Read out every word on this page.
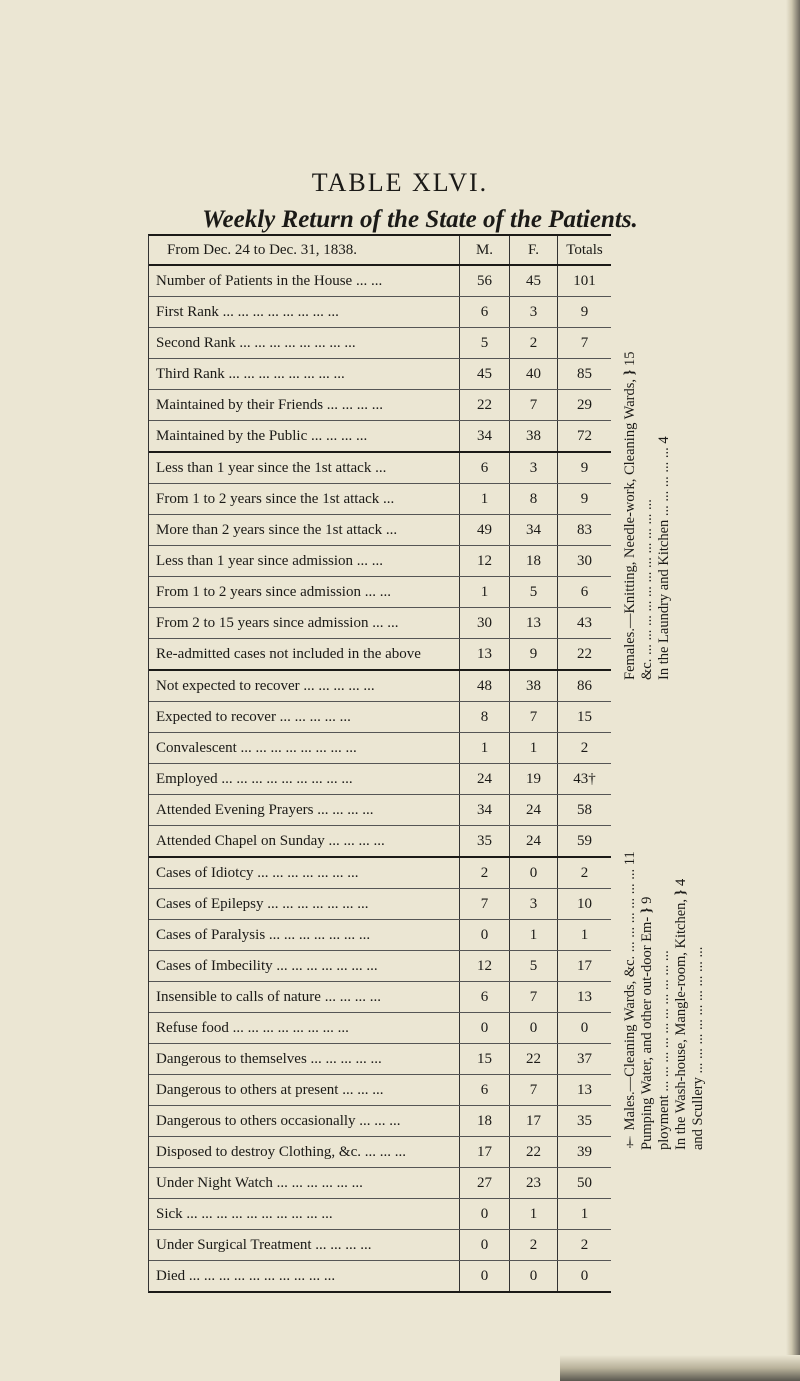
TABLE XLVI.
Weekly Return of the State of the Patients.
From Dec. 24 to Dec. 31, 1838.	M.	F.	Totals
Number of Patients in the House ... ...	56	45	101
First Rank ... ... ... ... ... ... ... ...	6	3	9
Second Rank ... ... ... ... ... ... ... ...	5	2	7
Third Rank ... ... ... ... ... ... ... ...	45	40	85
Maintained by their Friends ... ... ... ...	22	7	29
Maintained by the Public ... ... ... ...	34	38	72
Less than 1 year since the 1st attack ...	6	3	9
From 1 to 2 years since the 1st attack ...	1	8	9
More than 2 years since the 1st attack ...	49	34	83
Less than 1 year since admission ... ...	12	18	30
From 1 to 2 years since admission ... ...	1	5	6
From 2 to 15 years since admission ... ...	30	13	43
Re-admitted cases not included in the above	13	9	22
Not expected to recover ... ... ... ... ...	48	38	86
Expected to recover ... ... ... ... ...	8	7	15
Convalescent ... ... ... ... ... ... ... ...	1	1	2
Employed ... ... ... ... ... ... ... ... ...	24	19	43†
Attended Evening Prayers ... ... ... ...	34	24	58
Attended Chapel on Sunday ... ... ... ...	35	24	59
Cases of Idiotcy ... ... ... ... ... ... ...	2	0	2
Cases of Epilepsy ... ... ... ... ... ... ...	7	3	10
Cases of Paralysis ... ... ... ... ... ... ...	0	1	1
Cases of Imbecility ... ... ... ... ... ... ...	12	5	17
Insensible to calls of nature ... ... ... ...	6	7	13
Refuse food ... ... ... ... ... ... ... ...	0	0	0
Dangerous to themselves ... ... ... ... ...	15	22	37
Dangerous to others at present ... ... ...	6	7	13
Dangerous to others occasionally ... ... ...	18	17	35
Disposed to destroy Clothing, &c. ... ... ...	17	22	39
Under Night Watch ... ... ... ... ... ...	27	23	50
Sick ... ... ... ... ... ... ... ... ... ...	0	1	1
Under Surgical Treatment ... ... ... ...	0	2	2
Died ... ... ... ... ... ... ... ... ... ...	0	0	0
Females.—Knitting, Needle-work, Cleaning Wards, } 15
&c. ... ... ... ... ... ... ... ... ... ... ... In the Laundry and Kitchen ... ... ... ... ... 4
† Males.—Cleaning Wards, &c. ... ... ... ... ... ... 11
Pumping Water, and other out-door Em- } 9
ployment ... ... ... ... ... ... ... ... ... ... In the Wash-house, Mangle-room, Kitchen, } 4
and Scullery ... ... ... ... ... ... ... ... ...
